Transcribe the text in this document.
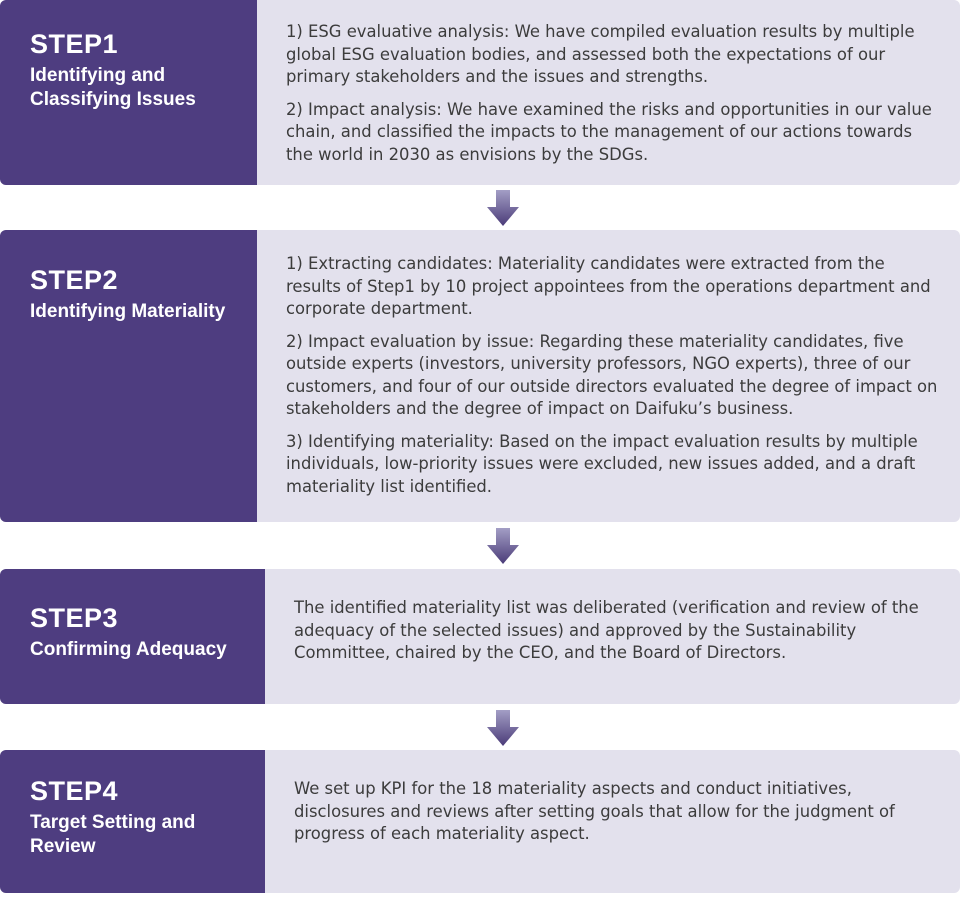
STEP1
Identifying and Classifying Issues

1) ESG evaluative analysis: We have compiled evaluation results by multiple global ESG evaluation bodies, and assessed both the expectations of our primary stakeholders and the issues and strengths.

2) Impact analysis: We have examined the risks and opportunities in our value chain, and classified the impacts to the management of our actions towards the world in 2030 as envisions by the SDGs.

STEP2
Identifying Materiality

1) Extracting candidates: Materiality candidates were extracted from the results of Step1 by 10 project appointees from the operations department and corporate department.

2) Impact evaluation by issue: Regarding these materiality candidates, five outside experts (investors, university professors, NGO experts), three of our customers, and four of our outside directors evaluated the degree of impact on stakeholders and the degree of impact on Daifuku’s business.

3) Identifying materiality: Based on the impact evaluation results by multiple individuals, low-priority issues were excluded, new issues added, and a draft materiality list identified.

STEP3
Confirming Adequacy

The identified materiality list was deliberated (verification and review of the adequacy of the selected issues) and approved by the Sustainability Committee, chaired by the CEO, and the Board of Directors.

STEP4
Target Setting and Review

We set up KPI for the 18 materiality aspects and conduct initiatives, disclosures and reviews after setting goals that allow for the judgment of progress of each materiality aspect.
